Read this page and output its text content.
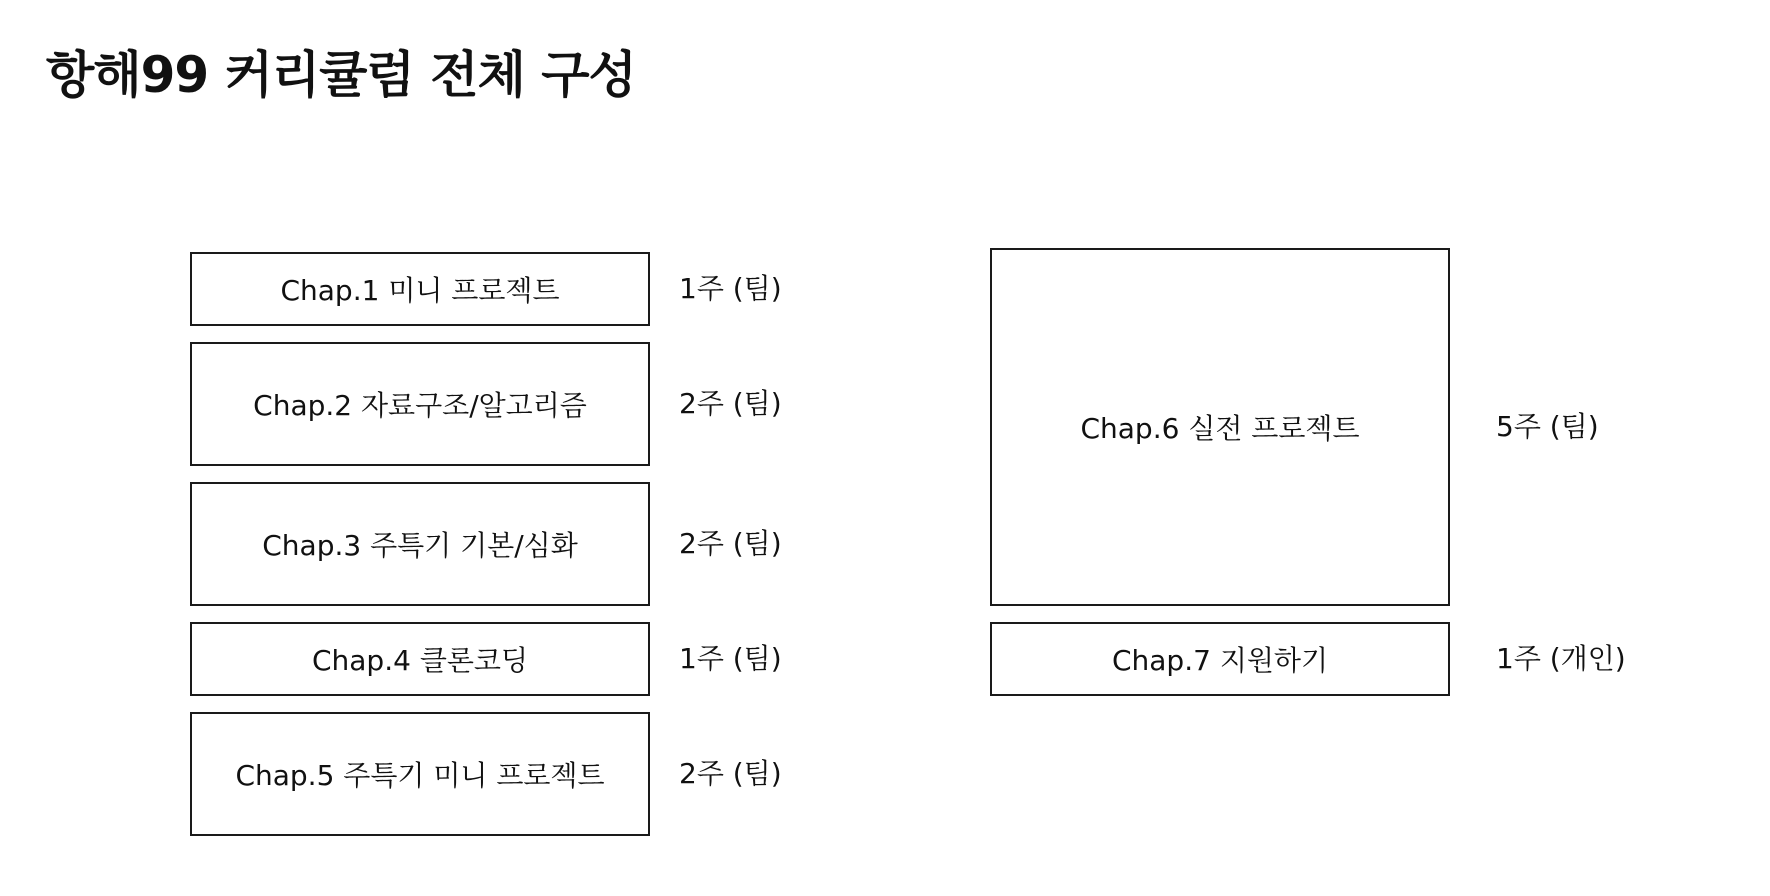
항해99 커리큘럼 전체 구성
Chap.1 미니 프로젝트	1주 (팀)
Chap.2 자료구조/알고리즘	2주 (팀)
Chap.3 주특기 기본/심화	2주 (팀)
Chap.4 클론코딩	1주 (팀)
Chap.5 주특기 미니 프로젝트	2주 (팀)
Chap.6 실전 프로젝트	5주 (팀)
Chap.7 지원하기	1주 (개인)
